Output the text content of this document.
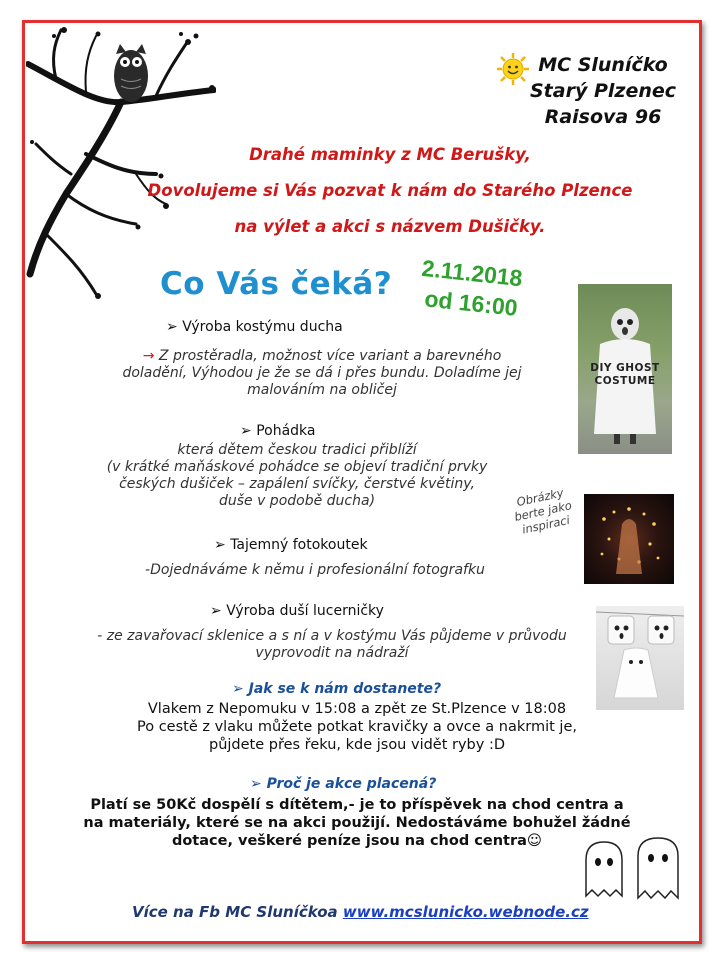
MC Sluníčko
Starý Plzenec
Raisova 96
Drahé maminky z MC Berušky,
Dovolujeme si Vás pozvat k nám do Starého Plzence
na výlet a akci s názvem Dušičky.
Co Vás čeká? 2.11.2018
od 16:00
➢ Výroba kostýmu ducha
→ Z prostěradla, možnost více variant a barevného
doladění, Výhodou je že se dá i přes bundu. Doladíme jej
malováním na obličej
➢ Pohádka
která dětem českou tradici přiblíží
(v krátké maňáskové pohádce se objeví tradiční prvky
českých dušiček – zapálení svíčky, čerstvé květiny,
duše v podobě ducha)
➢ Tajemný fotokoutek
-Dojednáváme k němu i profesionální fotografku
➢ Výroba duší lucerničky
- ze zavařovací sklenice a s ní a v kostýmu Vás půjdeme v průvodu
vyprovodit na nádraží
➢ Jak se k nám dostanete?
Vlakem z Nepomuku v 15:08 a zpět ze St.Plzence v 18:08
Po cestě z vlaku můžete potkat kravičky a ovce a nakrmit je,
půjdete přes řeku, kde jsou vidět ryby :D
➢ Proč je akce placená?
Platí se 50Kč dospělí s dítětem,- je to příspěvek na chod centra a
na materiály, které se na akci použijí. Nedostáváme bohužel žádné
dotace, veškeré peníze jsou na chod centra☺
DIY GHOST
COSTUME
Obrázky berte jako inspiraci
Více na Fb MC Sluníčkoa www.mcslunicko.webnode.cz
